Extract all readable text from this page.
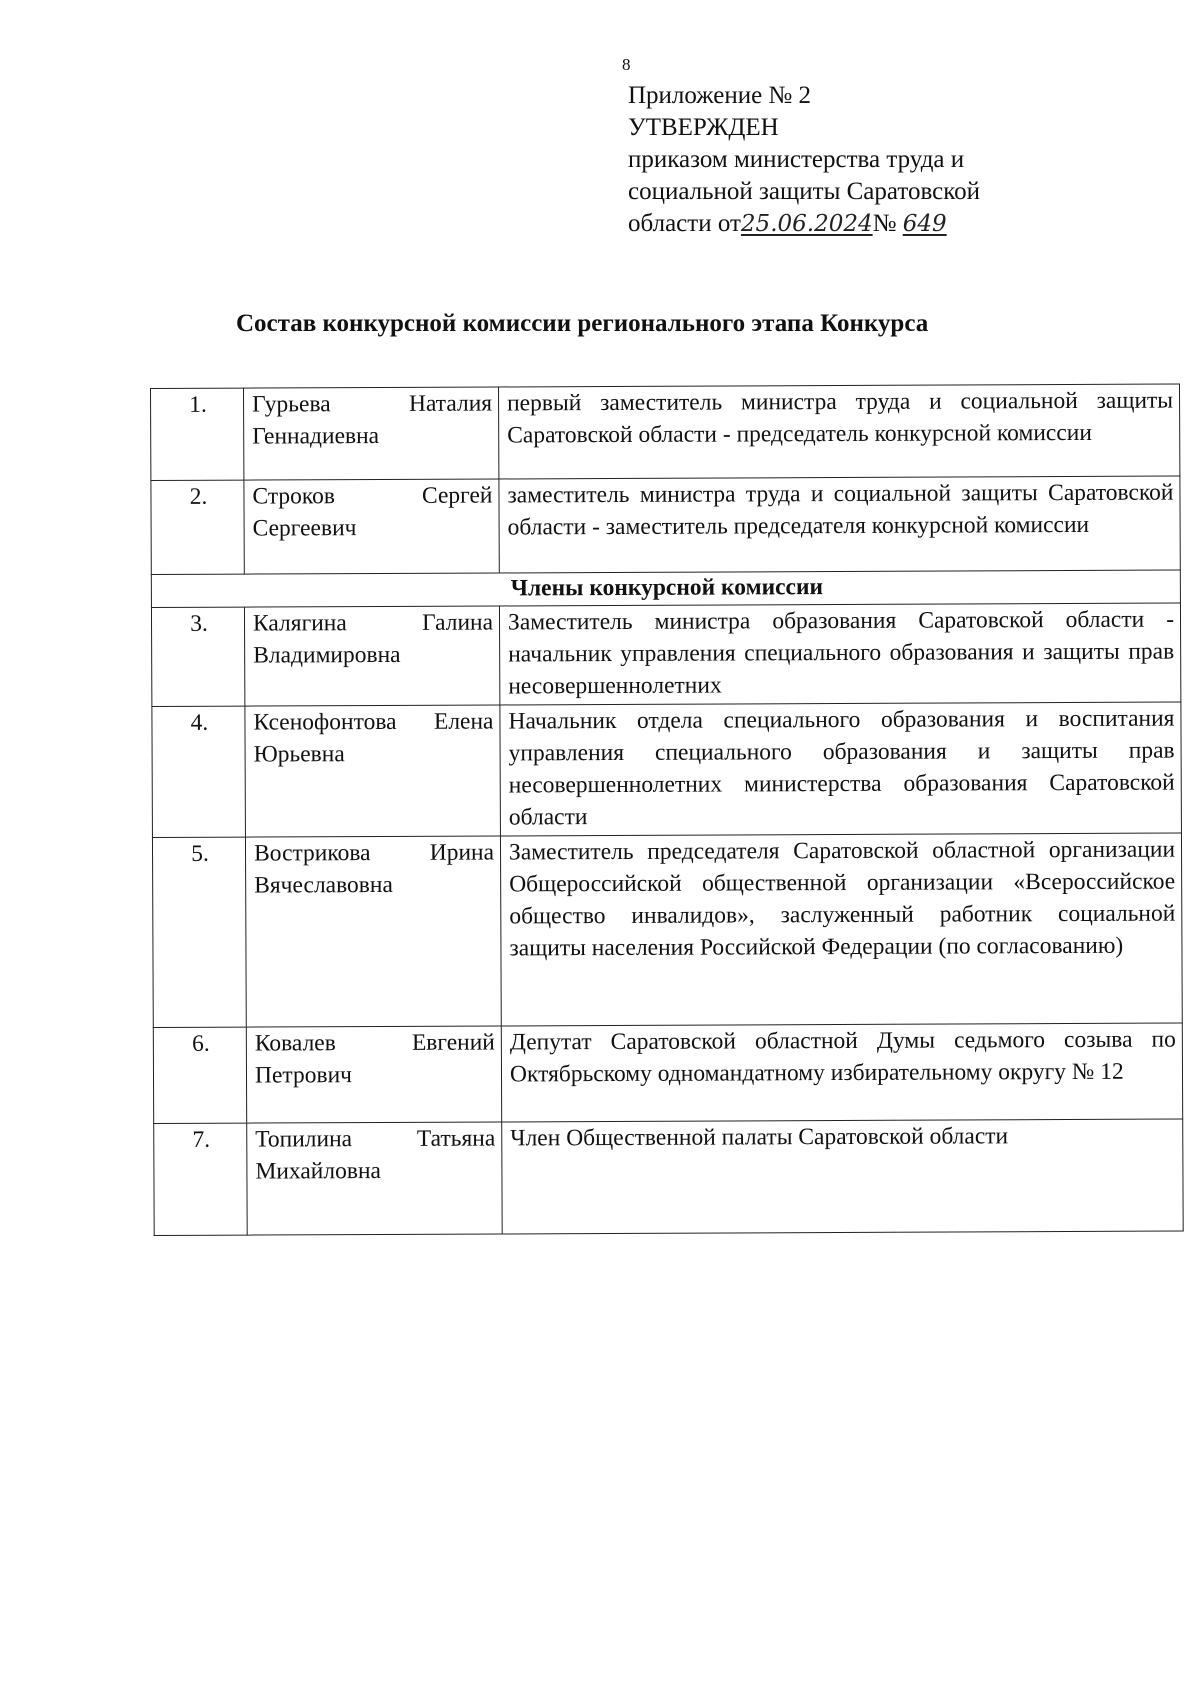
8
Приложение № 2
УТВЕРЖДЕН
приказом министерства труда и
социальной защиты Саратовской
области от25.06.2024№ 649
Состав конкурсной комиссии регионального этапа Конкурса
1.	Гурьева Наталия Геннадиевна	первый заместитель министра труда и социальной защиты Саратовской области - председатель конкурсной комиссии
2.	Строков Сергей Сергеевич	заместитель министра труда и социальной защиты Саратовской области - заместитель председателя конкурсной комиссии
Члены конкурсной комиссии		
3.	Калягина Галина Владимировна	Заместитель министра образования Саратовской области - начальник управления специального образования и защиты прав несовершеннолетних
4.	Ксенофонтова Елена Юрьевна	Начальник отдела специального образования и воспитания управления специального образования и защиты прав несовершеннолетних министерства образования Саратовской области
5.	Вострикова Ирина Вячеславовна	Заместитель председателя Саратовской областной организации Общероссийской общественной организации «Всероссийское общество инвалидов», заслуженный работник социальной защиты населения Российской Федерации (по согласованию)
6.	Ковалев Евгений Петрович	Депутат Саратовской областной Думы седьмого созыва по Октябрьскому одномандатному избирательному округу № 12
7.	Топилина Татьяна Михайловна	Член Общественной палаты Саратовской области
